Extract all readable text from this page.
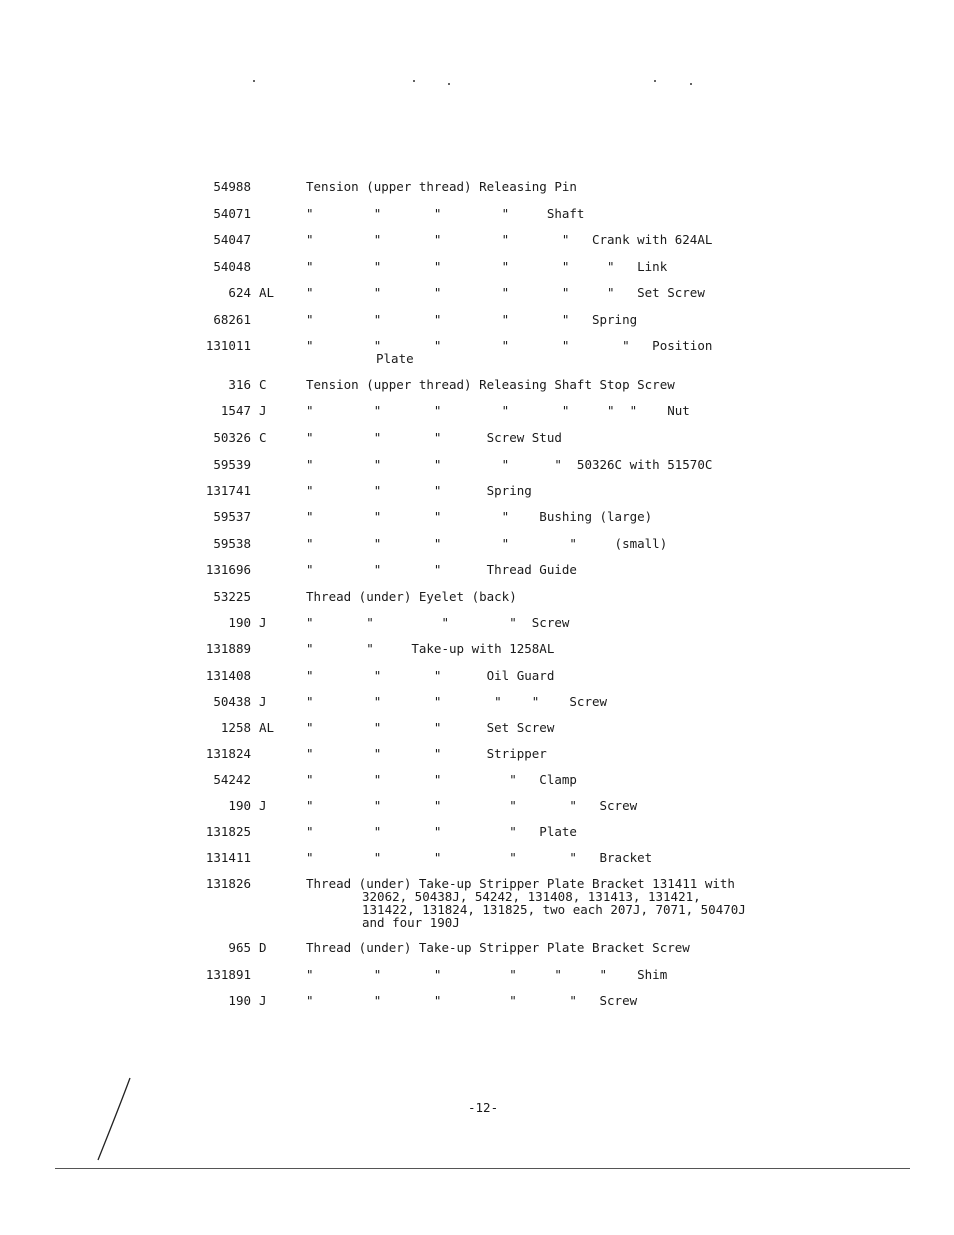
54988	Tension (upper thread) Releasing Pin
54071	"        "       "        "     Shaft
54047	"        "       "        "       "   Crank with 624AL
54048	"        "       "        "       "     "   Link
624 AL	"        "       "        "       "     "   Set Screw
68261	"        "       "        "       "   Spring
131011	"        "       "        "       "       "   Position
Plate
316 C	Tension (upper thread) Releasing Shaft Stop Screw
1547 J	"        "       "        "       "     "  "    Nut
50326 C	"        "       "      Screw Stud
59539	"        "       "        "      "  50326C with 51570C
131741	"        "       "      Spring
59537	"        "       "        "    Bushing (large)
59538	"        "       "        "        "     (small)
131696	"        "       "      Thread Guide
53225	Thread (under) Eyelet (back)
190 J	"       "         "        "  Screw
131889	"       "     Take-up with 1258AL
131408	"        "       "      Oil Guard
50438 J	"        "       "       "    "    Screw
1258 AL	"        "       "      Set Screw
131824	"        "       "      Stripper
54242	"        "       "         "   Clamp
190 J	"        "       "         "       "   Screw
131825	"        "       "         "   Plate
131411	"        "       "         "       "   Bracket
131826	Thread (under) Take-up Stripper Plate Bracket 131411 with
32062, 50438J, 54242, 131408, 131413, 131421,
131422, 131824, 131825, two each 207J, 7071, 50470J
and four 190J
965 D	Thread (under) Take-up Stripper Plate Bracket Screw
131891	"        "       "         "     "     "    Shim
190 J	"        "       "         "       "   Screw
-12-
